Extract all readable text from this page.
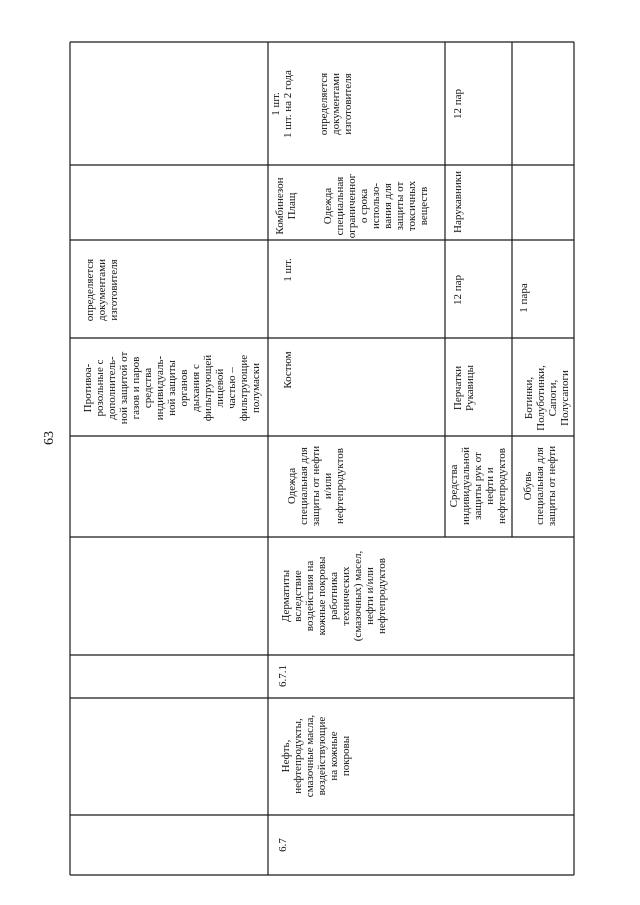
63
6.7
Нефть, нефтепродукты, смазочные масла, воздействующие на кожные покровы
6.7.1
Дерматиты вследствие воздействия на кожные покровы работника технических (смазочных) масел, нефти и/или нефтепродуктов
Противоа- розольные с дополнитель- ной защитой от газов и паров средства индивидуаль- ной защиты органов дыхания с фильтрующей лицевой частью – фильтрующие полумаски
определяется документами изготовителя
Одежда специальная для защиты от нефти и/или нефтепродуктов
Костюм
1 шт.
Комбинезон Плащ

Одежда специальная ограниченног о срока использо- вания для защиты от токсичных веществ
1 шт. 1 шт. на 2 года

определяется документами изготовителя
Средства индивидуальной защиты рук от нефти и нефтепродуктов
Перчатки Рукавицы
12 пар
Нарукавники
12 пар
Обувь специальная для защиты от нефти
Ботинки, Полуботинки, Сапоги, Полусапоги
1 пара
